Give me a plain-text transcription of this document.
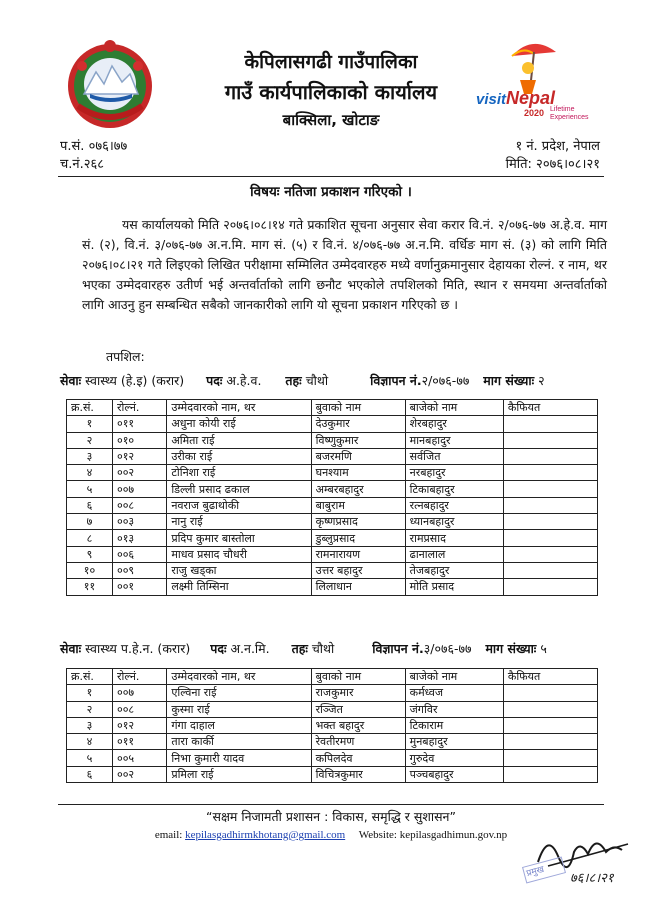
केपिलासगढी गाउँपालिका
गाउँ कार्यपालिकाको कार्यालय
बाक्सिला, खोटाङ
visitNepal
2020 Lifetime
Experiences
प.सं. ०७६।७७
च.नं.२६८
१ नं. प्रदेश, नेपाल
मिति: २०७६।०८।२१
विषयः नतिजा प्रकाशन गरिएको ।
यस कार्यालयको मिति २०७६।०८।१४ गते प्रकाशित सूचना अनुसार सेवा करार वि.नं. २/०७६-७७ अ.हे.व. माग सं. (२), वि.नं. ३/०७६-७७ अ.न.मि. माग सं. (५) र वि.नं. ४/०७६-७७ अ.न.मि. वर्धिङ माग सं. (३) को लागि मिति २०७६।०८।२१ गते लिइएको लिखित परीक्षामा सम्मिलित उम्मेदवारहरु मध्ये वर्णानुक्रमानुसार देहायका रोल्नं. र नाम, थर भएका उम्मेदवारहरु उतीर्ण भई अन्तर्वार्ताको लागि छनौट भएकोले तपशिलको मिति, स्थान र समयमा अन्तर्वार्ताको लागि आउनु हुन सम्बन्धित सबैको जानकारीको लागि यो सूचना प्रकाशन गरिएको छ ।
तपशिल:
सेवाः स्वास्थ्य (हे.इ) (करार) पदः अ.हे.व. तहः चौथो	विज्ञापन नं.२/०७६-७७ माग संख्याः २
क्र.सं.	रोल्नं.	उम्मेदवारको नाम, थर	बुवाको नाम	बाजेको नाम	कैफियत
१	०११	अधुना कोयी राई	देउकुमार	शेरबहादुर	
२	०१०	अमिता राई	विष्णुकुमार	मानबहादुर	
३	०१२	उरीका राई	बजरमणि	सर्वजित	
४	००२	टोनिशा राई	घनश्याम	नरबहादुर	
५	००७	डिल्ली प्रसाद ढकाल	अम्बरबहादुर	टिकाबहादुर	
६	००८	नवराज बुढाथोकी	बाबुराम	रत्नबहादुर	
७	००३	नानु राई	कृष्णप्रसाद	ध्यानबहादुर	
८	०१३	प्रदिप कुमार बास्तोला	डुब्लुप्रसाद	रामप्रसाद	
९	००६	माधव प्रसाद चौधरी	रामनारायण	ढानालाल	
१०	००९	राजु खड्का	उत्तर बहादुर	तेजबहादुर	
११	००१	लक्ष्मी तिम्सिना	लिलाधान	मोति प्रसाद	
सेवाः स्वास्थ्य प.हे.न. (करार) पदः अ.न.मि. तहः चौथो	विज्ञापन नं.३/०७६-७७ माग संख्याः ५
क्र.सं.	रोल्नं.	उम्मेदवारको नाम, थर	बुवाको नाम	बाजेको नाम	कैफियत
१	००७	एल्विना राई	राजकुमार	कर्मध्वज	
२	००८	कुस्मा राई	रञ्जित	जंगविर	
३	०१२	गंगा दाहाल	भक्त बहादुर	टिकाराम	
४	०११	तारा कार्की	रेवतीरमण	मुनबहादुर	
५	००५	निभा कुमारी यादव	कपिलदेव	गुरुदेव	
६	००२	प्रमिला राई	विचित्रकुमार	पञ्चबहादुर	
“सक्षम निजामती प्रशासन : विकास, समृद्धि र सुशासन”
email: kepilasgadhirmkhotang@gmail.com Website: kepilasgadhimun.gov.np
प्रमुख ७६।८।२१
